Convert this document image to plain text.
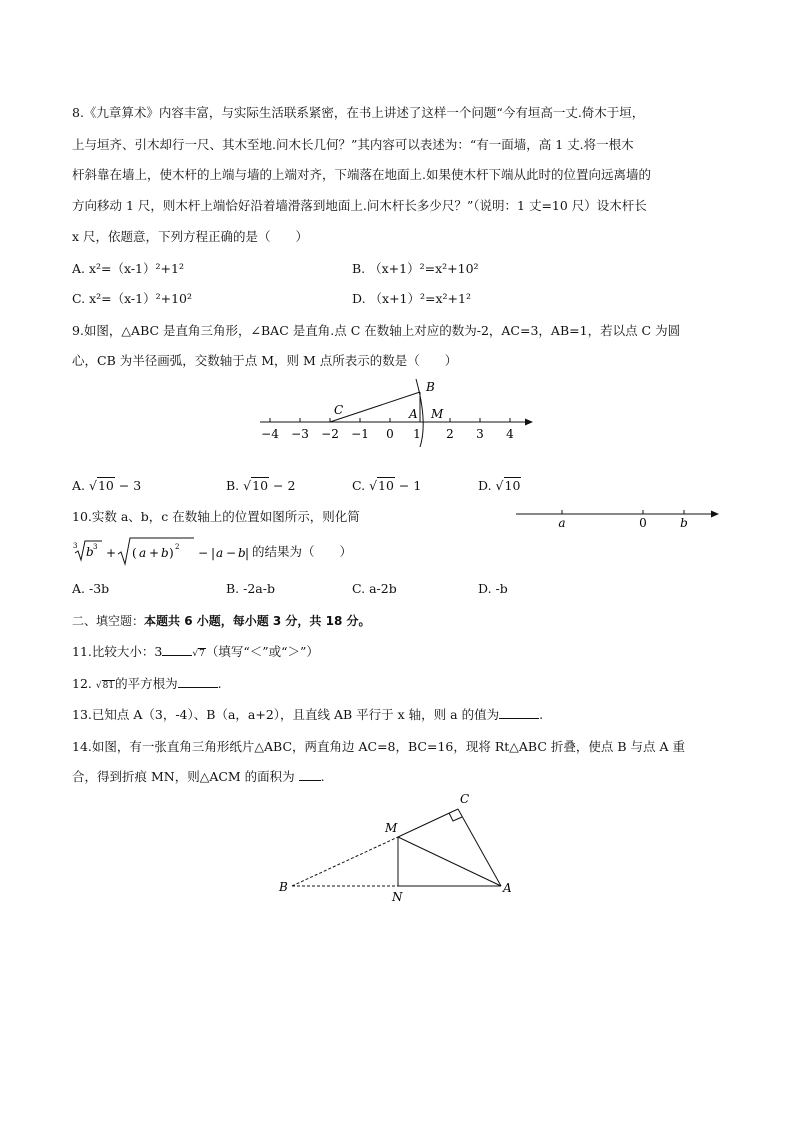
8.《九章算术》内容丰富，与实际生活联系紧密，在书上讲述了这样一个问题“今有垣高一丈.倚木于垣，
上与垣齐、引木却行一尺、其木至地.问木长几何？”其内容可以表述为：“有一面墙，高 1 丈.将一根木
杆斜靠在墙上，使木杆的上端与墙的上端对齐，下端落在地面上.如果使木杆下端从此时的位置向远离墙的
方向移动 1 尺，则木杆上端恰好沿着墙滑落到地面上.问木杆长多少尺？”（说明：1 丈=10 尺）设木杆长
x 尺，依题意，下列方程正确的是（　　）
A. x²=（x-1）²+1²	B. （x+1）²=x²+10²
C. x²=（x-1）²+10²	D. （x+1）²=x²+1²
9.如图，△ABC 是直角三角形，∠BAC 是直角.点 C 在数轴上对应的数为-2，AC=3，AB=1，若以点 C 为圆
心，CB 为半径画弧，交数轴于点 M，则 M 点所表示的数是（　　）
−4 −3 −2 −1 0 1 2 3 4
B
C	A M
A. √10 − 3	B. √10 − 2	C. √10 − 1	D. √10
10.实数 a、b，c 在数轴上的位置如图所示，则化简	a	0	b
3 b 3 + ( a + b ) 2 − | a − b | 的结果为（　　）
A. -3b	B. -2a-b	C. a-2b	D. -b
二、填空题：本题共 6 小题，每小题 3 分，共 18 分。
11.比较大小：3	√7（填写“＜”或“＞”）
12. √81的平方根为	.
13.已知点 A（3，-4）、B（a，a+2），且直线 AB 平行于 x 轴，则 a 的值为	.
14.如图，有一张直角三角形纸片△ABC，两直角边 AC=8，BC=16，现将 Rt△ABC 折叠，使点 B 与点 A 重
合，得到折痕 MN，则△ACM 的面积为 .
B
M
C
N
A
